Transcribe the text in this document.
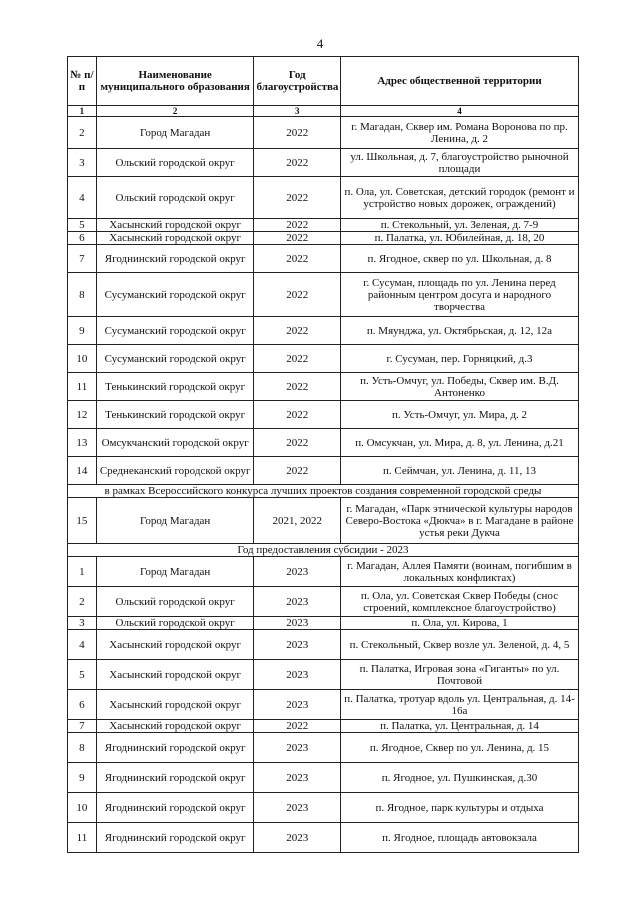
4
№ п/п	Наименование муниципального образования	Год благоустройства	Адрес общественной территории
1	2	3	4
2	Город Магадан	2022	г. Магадан, Сквер им. Романа Воронова по пр. Ленина, д. 2
3	Ольский городской округ	2022	ул. Школьная, д. 7, благоустройство рыночной площади
4	Ольский городской округ	2022	п. Ола, ул. Советская, детский городок (ремонт и устройство новых дорожек, ограждений)
5	Хасынский городской округ	2022	п. Стекольный, ул. Зеленая, д. 7-9
6	Хасынский городской округ	2022	п. Палатка, ул. Юбилейная, д. 18, 20
7	Ягоднинский городской округ	2022	п. Ягодное, сквер по ул. Школьная, д. 8
8	Сусуманский городской округ	2022	г. Сусуман, площадь по ул. Ленина перед районным центром досуга и народного творчества
9	Сусуманский городской округ	2022	п. Мяунджа, ул. Октябрьская, д. 12, 12а
10	Сусуманский городской округ	2022	г. Сусуман, пер. Горняцкий, д.3
11	Тенькинский городской округ	2022	п. Усть-Омчуг, ул. Победы, Сквер им. В.Д. Антоненко
12	Тенькинский городской округ	2022	п. Усть-Омчуг, ул. Мира, д. 2
13	Омсукчанский городской округ	2022	п. Омсукчан, ул. Мира, д. 8, ул. Ленина, д.21
14	Среднеканский городской округ	2022	п. Сеймчан, ул. Ленина, д. 11, 13
в рамках Всероссийского конкурса лучших проектов создания современной городской среды			
15	Город Магадан	2021, 2022	г. Магадан, «Парк этнической культуры народов Северо-Востока «Дюкча» в г. Магадане в районе устья реки Дукча
Год предоставления субсидии - 2023			
1	Город Магадан	2023	г. Магадан, Аллея Памяти (воинам, погибшим в локальных конфликтах)
2	Ольский городской округ	2023	п. Ола, ул. Советская Сквер Победы (снос строений, комплексное благоустройство)
3	Ольский городской округ	2023	п. Ола, ул. Кирова, 1
4	Хасынский городской округ	2023	п. Стекольный, Сквер возле ул. Зеленой, д. 4, 5
5	Хасынский городской округ	2023	п. Палатка, Игровая зона «Гиганты» по ул. Почтовой
6	Хасынский городской округ	2023	п. Палатка, тротуар вдоль ул. Центральная, д. 14-16а
7	Хасынский городской округ	2022	п. Палатка, ул. Центральная, д. 14
8	Ягоднинский городской округ	2023	п. Ягодное, Сквер по ул. Ленина, д. 15
9	Ягоднинский городской округ	2023	п. Ягодное, ул. Пушкинская, д.30
10	Ягоднинский городской округ	2023	п. Ягодное, парк культуры и отдыха
11	Ягоднинский городской округ	2023	п. Ягодное, площадь автовокзала
